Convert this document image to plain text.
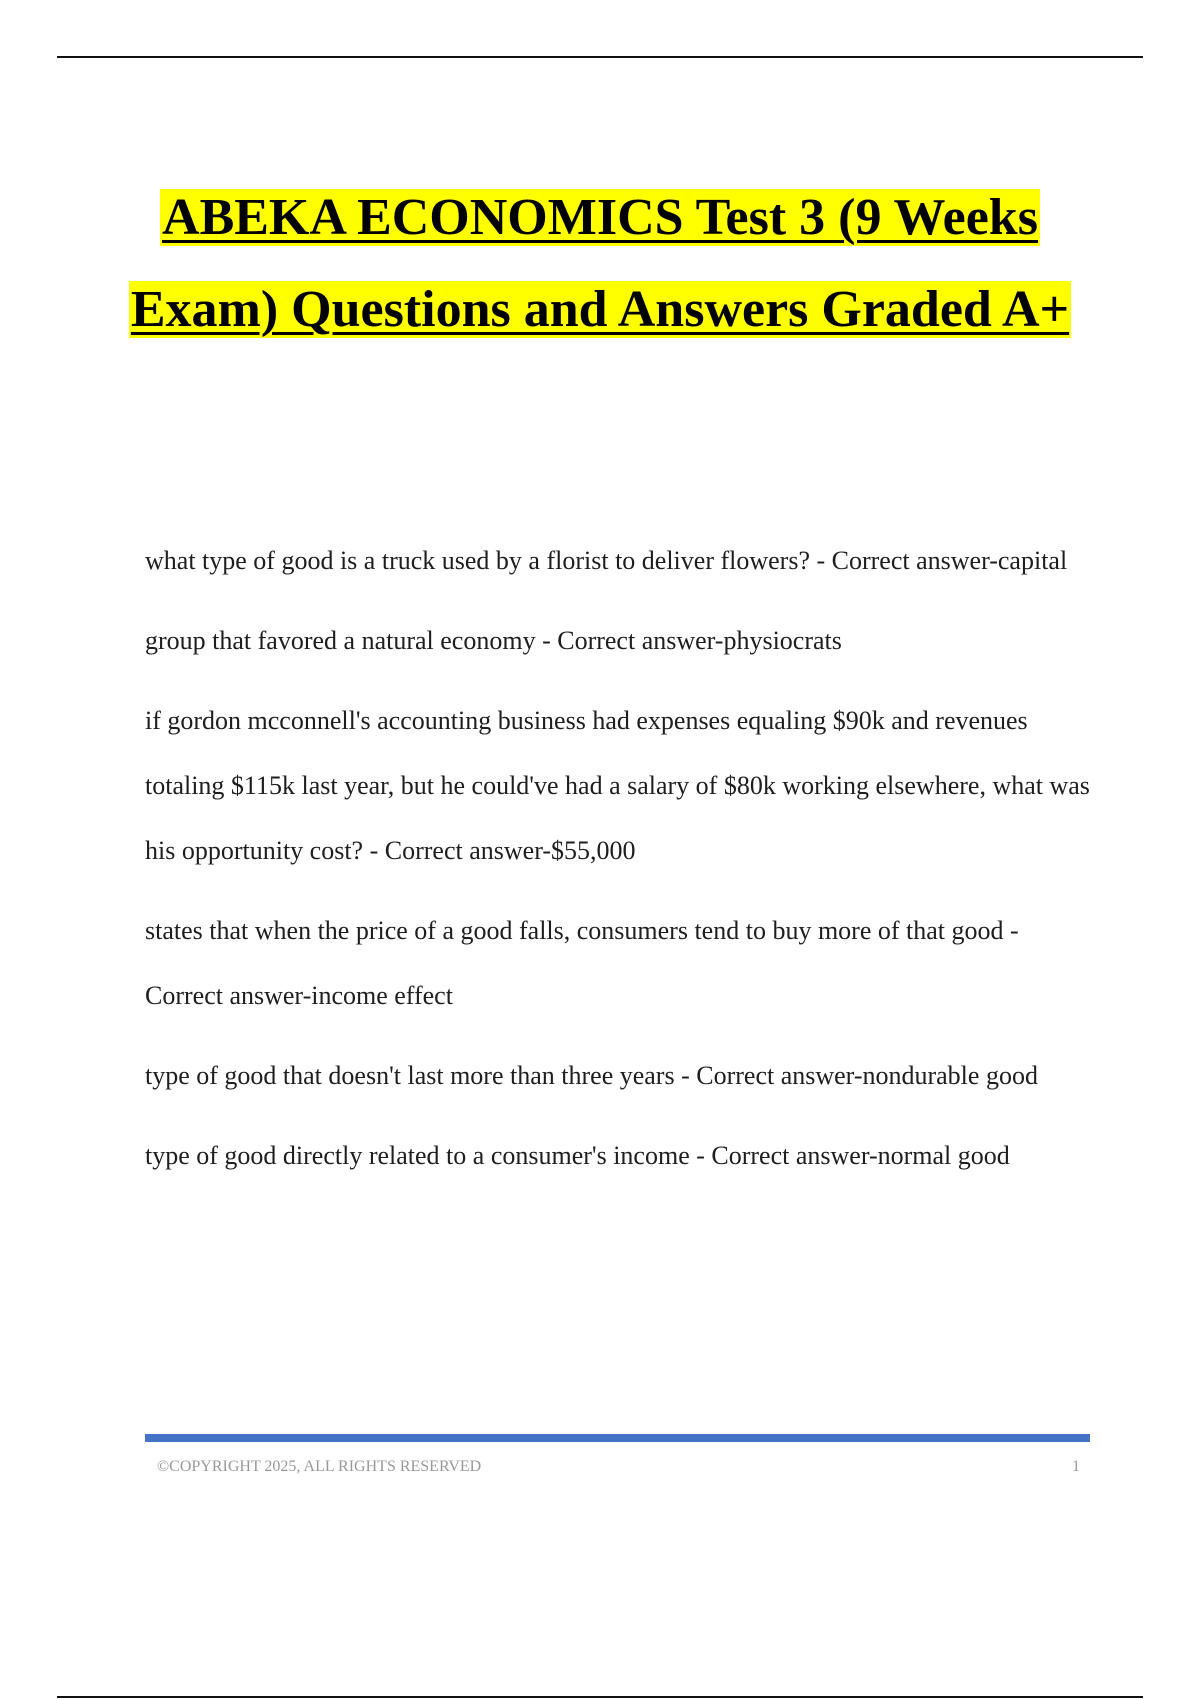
ABEKA ECONOMICS Test 3 (9 Weeks Exam) Questions and Answers Graded A+
what type of good is a truck used by a florist to deliver flowers? - Correct answer-capital
group that favored a natural economy - Correct answer-physiocrats
if gordon mcconnell's accounting business had expenses equaling $90k and revenues totaling $115k last year, but he could've had a salary of $80k working elsewhere, what was his opportunity cost? - Correct answer-$55,000
states that when the price of a good falls, consumers tend to buy more of that good - Correct answer-income effect
type of good that doesn't last more than three years - Correct answer-nondurable good
type of good directly related to a consumer's income - Correct answer-normal good
©COPYRIGHT 2025, ALL RIGHTS RESERVED	1
